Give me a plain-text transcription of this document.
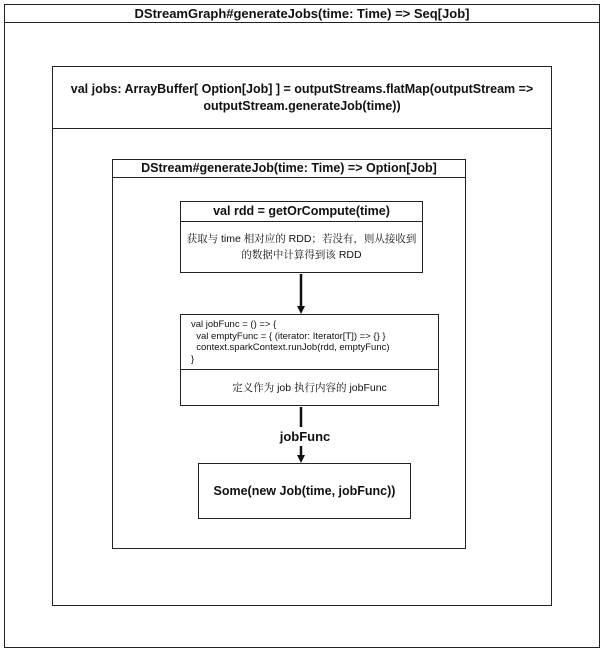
DStreamGraph#generateJobs(time: Time) => Seq[Job]
val jobs: ArrayBuffer[ Option[Job] ] = outputStreams.flatMap(outputStream =>
outputStream.generateJob(time))
DStream#generateJob(time: Time) => Option[Job]
val rdd = getOrCompute(time)
获取与 time 相对应的 RDD；若没有，则从接收到
的数据中计算得到该 RDD
val jobFunc = () => {
val emptyFunc = { (iterator: Iterator[T]) => {} }
context.sparkContext.runJob(rdd, emptyFunc)
}
定义作为 job 执行内容的 jobFunc
jobFunc
Some(new Job(time, jobFunc))
